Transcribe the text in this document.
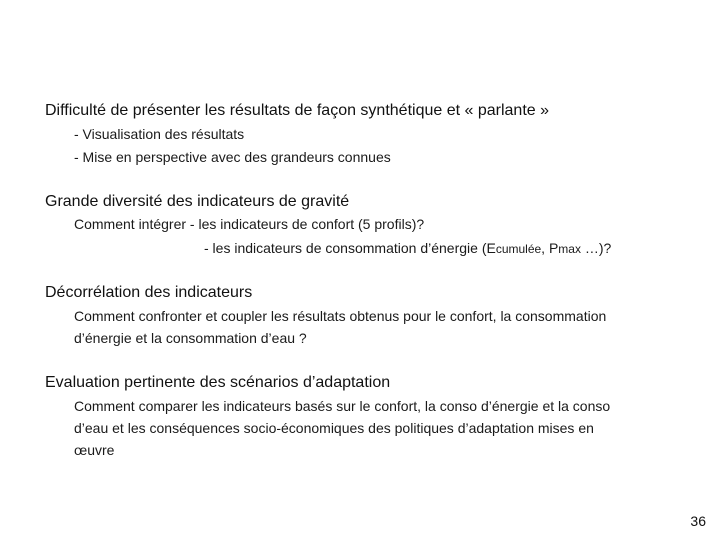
Difficulté de présenter les résultats de façon synthétique et « parlante »
- Visualisation des résultats
- Mise en perspective avec des grandeurs connues
Grande diversité des indicateurs de gravité
Comment intégrer - les indicateurs de confort (5 profils)?
- les indicateurs de consommation d’énergie (Ecumulée, Pmax …)?
Décorrélation des indicateurs
Comment confronter et coupler les résultats obtenus pour le confort, la consommation
d’énergie et la consommation d’eau ?
Evaluation pertinente des scénarios d’adaptation
Comment comparer les indicateurs basés sur le confort, la conso d’énergie et la conso
d’eau et les conséquences socio-économiques des politiques d’adaptation mises en
œuvre
36
